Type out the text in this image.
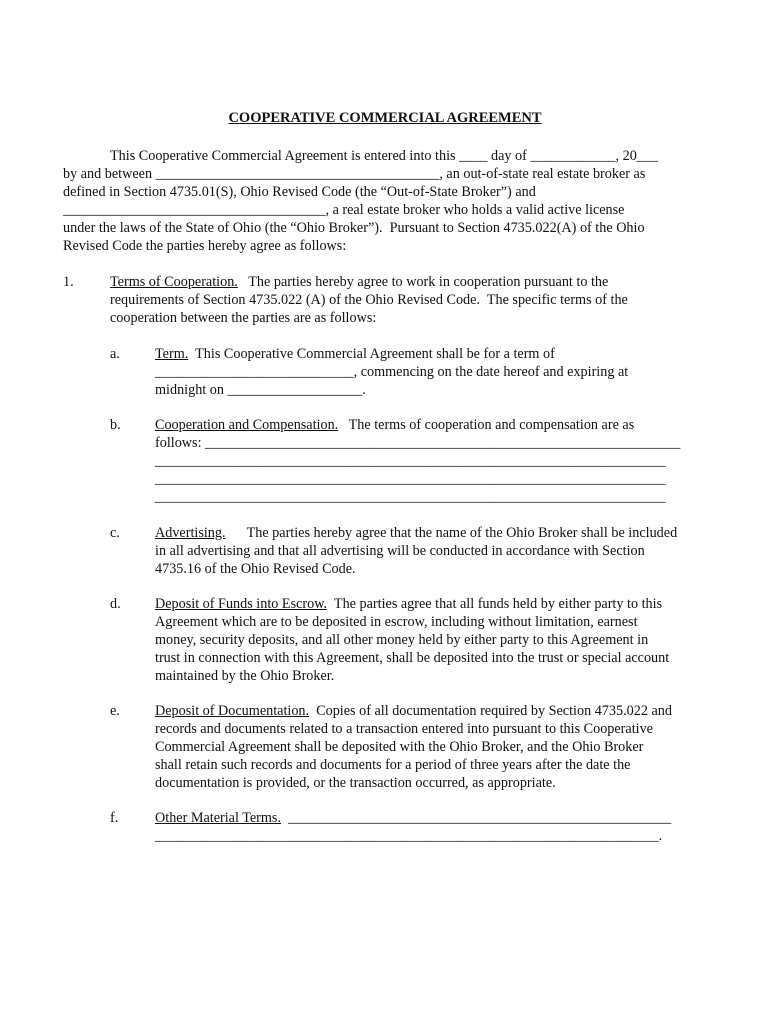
COOPERATIVE COMMERCIAL AGREEMENT
This Cooperative Commercial Agreement is entered into this ____ day of ____________, 20___
by and between ________________________________________, an out-of-state real estate broker as
defined in Section 4735.01(S), Ohio Revised Code (the “Out-of-State Broker”) and
_____________________________________, a real estate broker who holds a valid active license
under the laws of the State of Ohio (the “Ohio Broker”).  Pursuant to Section 4735.022(A) of the Ohio
Revised Code the parties hereby agree as follows:
1.	Terms of Cooperation.   The parties hereby agree to work in cooperation pursuant to the
requirements of Section 4735.022 (A) of the Ohio Revised Code.  The specific terms of the
cooperation between the parties are as follows:
a. Term.  This Cooperative Commercial Agreement shall be for a term of
____________________________, commencing on the date hereof and expiring at
midnight on ___________________.
b. Cooperation and Compensation.   The terms of cooperation and compensation are as
follows: ___________________________________________________________________
________________________________________________________________________
________________________________________________________________________
________________________________________________________________________
c. Advertising.      The parties hereby agree that the name of the Ohio Broker shall be included
in all advertising and that all advertising will be conducted in accordance with Section
4735.16 of the Ohio Revised Code.
d. Deposit of Funds into Escrow.  The parties agree that all funds held by either party to this
Agreement which are to be deposited in escrow, including without limitation, earnest
money, security deposits, and all other money held by either party to this Agreement in
trust in connection with this Agreement, shall be deposited into the trust or special account
maintained by the Ohio Broker.
e. Deposit of Documentation.  Copies of all documentation required by Section 4735.022 and
records and documents related to a transaction entered into pursuant to this Cooperative
Commercial Agreement shall be deposited with the Ohio Broker, and the Ohio Broker
shall retain such records and documents for a period of three years after the date the
documentation is provided, or the transaction occurred, as appropriate.
f.	Other Material Terms.  ______________________________________________________
_______________________________________________________________________.
